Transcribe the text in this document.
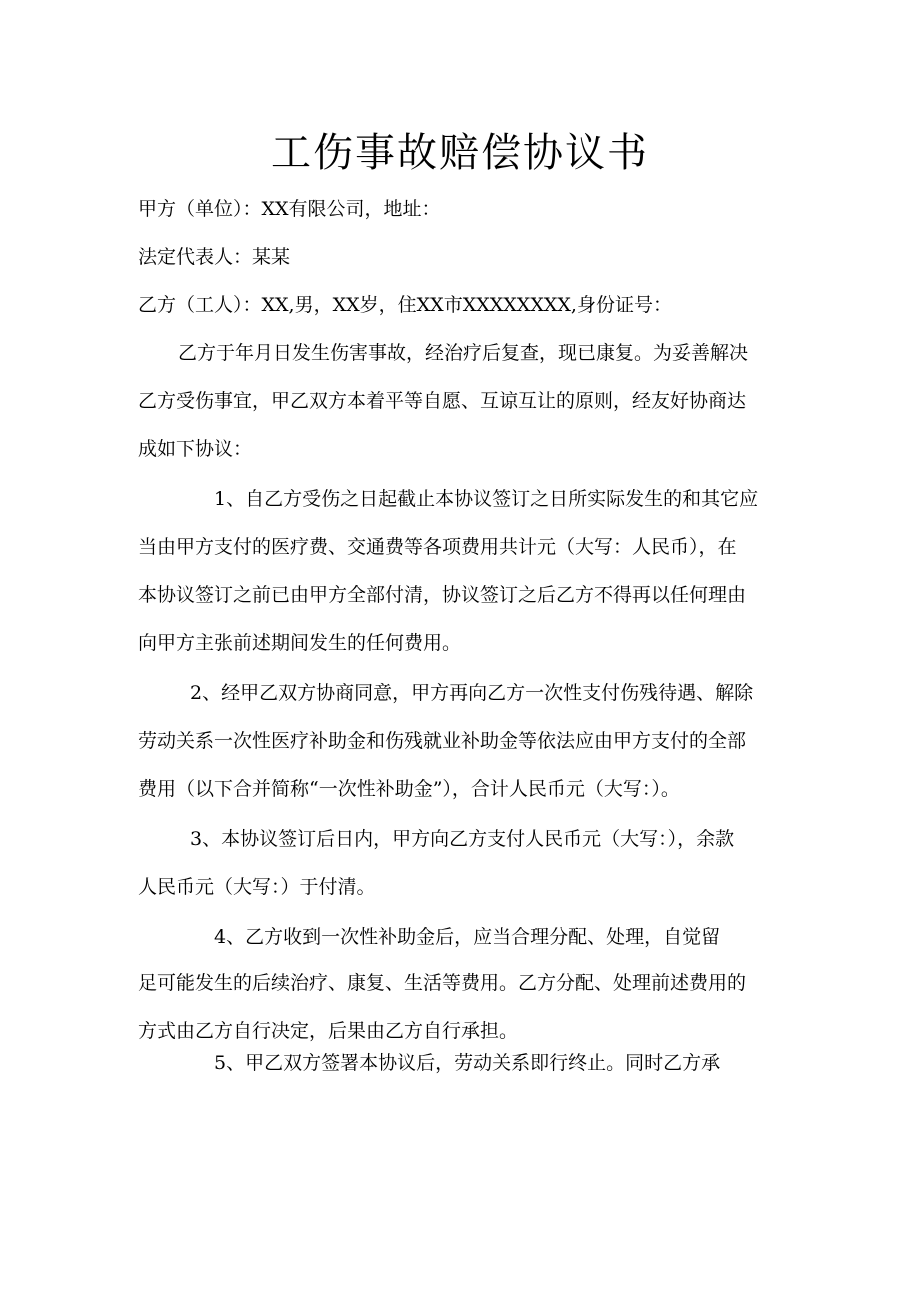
工伤事故赔偿协议书
甲方（单位）：XX有限公司，地址：
法定代表人：某某
乙方（工人）：XX,男，XX岁，住XX市XXXXXXXX,身份证号：
乙方于年月日发生伤害事故，经治疗后复查，现已康复。为妥善解决
乙方受伤事宜，甲乙双方本着平等自愿、互谅互让的原则，经友好协商达
成如下协议：
1、自乙方受伤之日起截止本协议签订之日所实际发生的和其它应
当由甲方支付的医疗费、交通费等各项费用共计元（大写：人民币），在
本协议签订之前已由甲方全部付清，协议签订之后乙方不得再以任何理由
向甲方主张前述期间发生的任何费用。
2、经甲乙双方协商同意，甲方再向乙方一次性支付伤残待遇、解除
劳动关系一次性医疗补助金和伤残就业补助金等依法应由甲方支付的全部
费用（以下合并简称“一次性补助金”），合计人民币元（大写：）。
3、本协议签订后日内，甲方向乙方支付人民币元（大写：），余款
人民币元（大写：）于付清。
4、乙方收到一次性补助金后，应当合理分配、处理，自觉留
足可能发生的后续治疗、康复、生活等费用。乙方分配、处理前述费用的
方式由乙方自行决定，后果由乙方自行承担。
5、甲乙双方签署本协议后，劳动关系即行终止。同时乙方承
